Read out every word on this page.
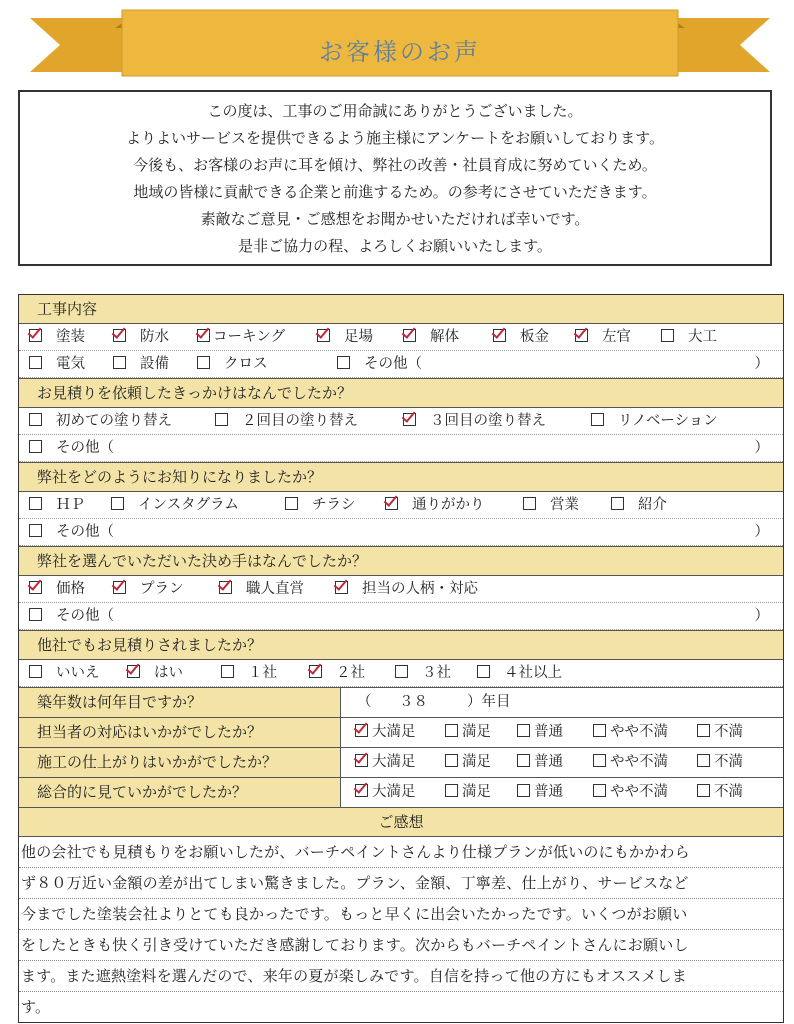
お客様のお声
この度は、工事のご用命誠にありがとうございました。
よりよいサービスを提供できるよう施主様にアンケートをお願いしております。
今後も、お客様のお声に耳を傾け、弊社の改善・社員育成に努めていくため。
地域の皆様に貢献できる企業と前進するため。の参考にさせていただきます。
素敵なご意見・ご感想をお聞かせいただければ幸いです。
是非ご協力の程、よろしくお願いいたします。
工事内容
塗装	防水	コーキング	足場	解体	板金	左官	大工
電気	設備	クロス	その他（	）
お見積りを依頼したきっかけはなんでしたか？
初めての塗り替え	２回目の塗り替え	３回目の塗り替え	リノベーション
その他（	）
弊社をどのようにお知りになりましたか？
ＨＰ	インスタグラム	チラシ	通りがかり	営業	紹介
その他（	）
弊社を選んでいただいた決め手はなんでしたか？
価格	プラン	職人直営	担当の人柄・対応
その他（	）
他社でもお見積りされましたか？
いいえ	はい	１社	２社	３社	４社以上
築年数は何年目ですか？	（ ３８	）年目
担当者の対応はいかがでしたか？	大満足	満足	普通	やや不満	不満
施工の仕上がりはいかがでしたか？	大満足	満足	普通	やや不満	不満
総合的に見ていかがでしたか？	大満足	満足	普通	やや不満	不満
ご感想
他の会社でも見積もりをお願いしたが、バーチペイントさんより仕様プランが低いのにもかかわら
ず８０万近い金額の差が出てしまい驚きました。プラン、金額、丁寧差、仕上がり、サービスなど
今までした塗装会社よりとても良かったです。もっと早くに出会いたかったです。いくつがお願い
をしたときも快く引き受けていただき感謝しております。次からもバーチペイントさんにお願いし
ます。また遮熱塗料を選んだので、来年の夏が楽しみです。自信を持って他の方にもオススメしま
す。
